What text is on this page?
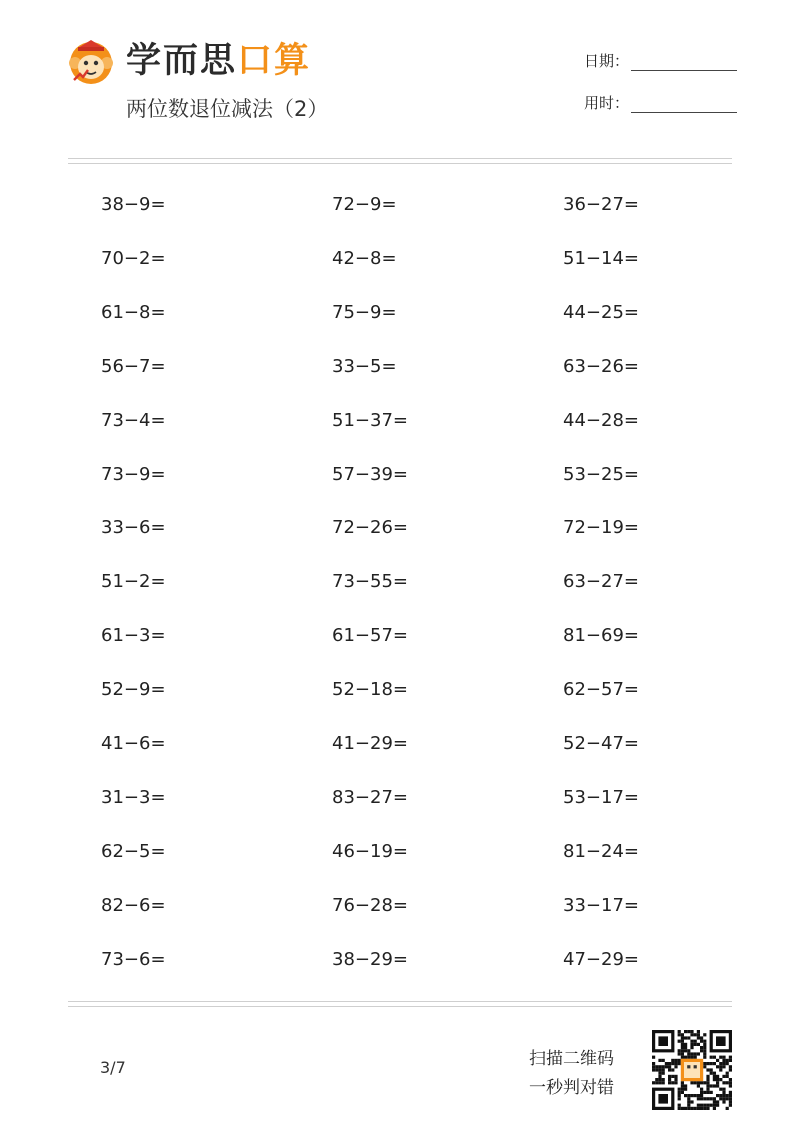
学而思口算
两位数退位减法（2）
日期：
用时：
38−9=	72−9=	36−27=
70−2=	42−8=	51−14=
61−8=	75−9=	44−25=
56−7=	33−5=	63−26=
73−4=	51−37=	44−28=
73−9=	57−39=	53−25=
33−6=	72−26=	72−19=
51−2=	73−55=	63−27=
61−3=	61−57=	81−69=
52−9=	52−18=	62−57=
41−6=	41−29=	52−47=
31−3=	83−27=	53−17=
62−5=	46−19=	81−24=
82−6=	76−28=	33−17=
73−6=	38−29=	47−29=
3/7	扫描二维码
一秒判对错
